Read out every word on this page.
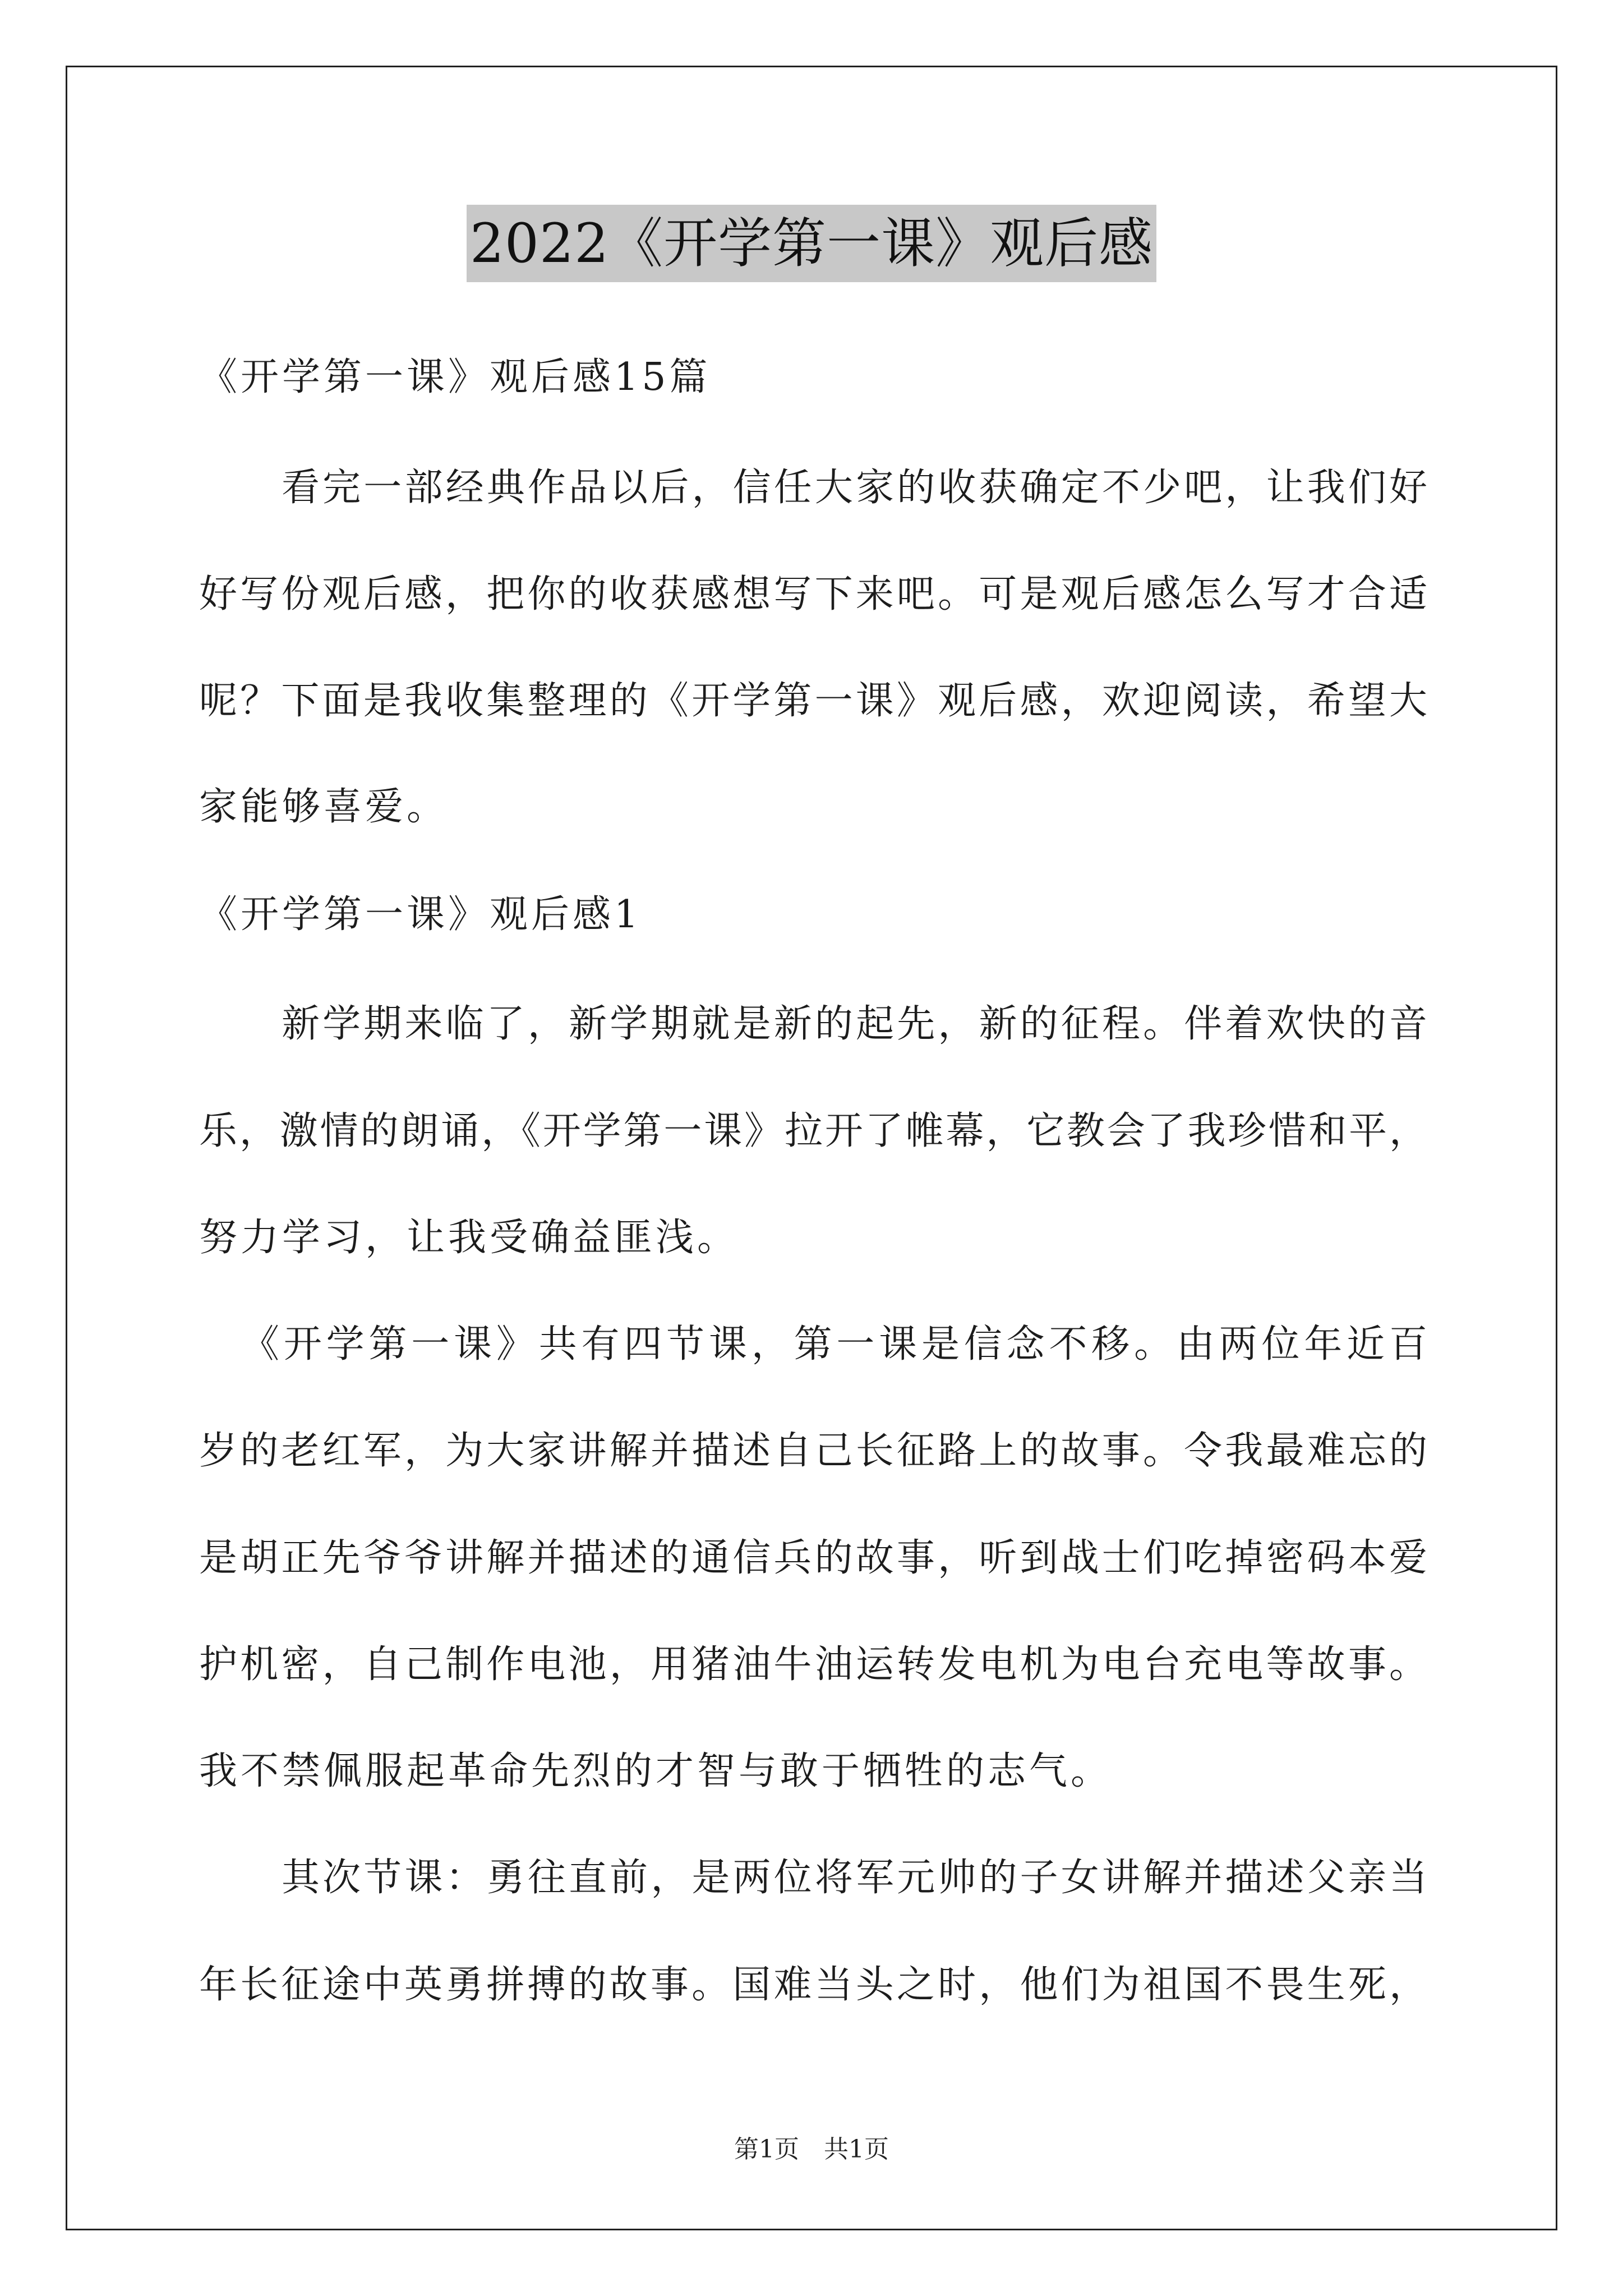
2022《开学第一课》观后感
《开学第一课》观后感15篇
看完一部经典作品以后，信任大家的收获确定不少吧，让我们好
好写份观后感，把你的收获感想写下来吧。可是观后感怎么写才合适
呢？下面是我收集整理的《开学第一课》观后感，欢迎阅读，希望大
家能够喜爱。
《开学第一课》观后感1
新学期来临了，新学期就是新的起先，新的征程。伴着欢快的音
乐，激情的朗诵，《开学第一课》拉开了帷幕，它教会了我珍惜和平，
努力学习，让我受确益匪浅。
《开学第一课》共有四节课，第一课是信念不移。由两位年近百
岁的老红军，为大家讲解并描述自己长征路上的故事。令我最难忘的
是胡正先爷爷讲解并描述的通信兵的故事，听到战士们吃掉密码本爱
护机密，自己制作电池，用猪油牛油运转发电机为电台充电等故事。
我不禁佩服起革命先烈的才智与敢于牺牲的志气。
其次节课：勇往直前，是两位将军元帅的子女讲解并描述父亲当
年长征途中英勇拼搏的故事。国难当头之时，他们为祖国不畏生死，
第1页　共1页
